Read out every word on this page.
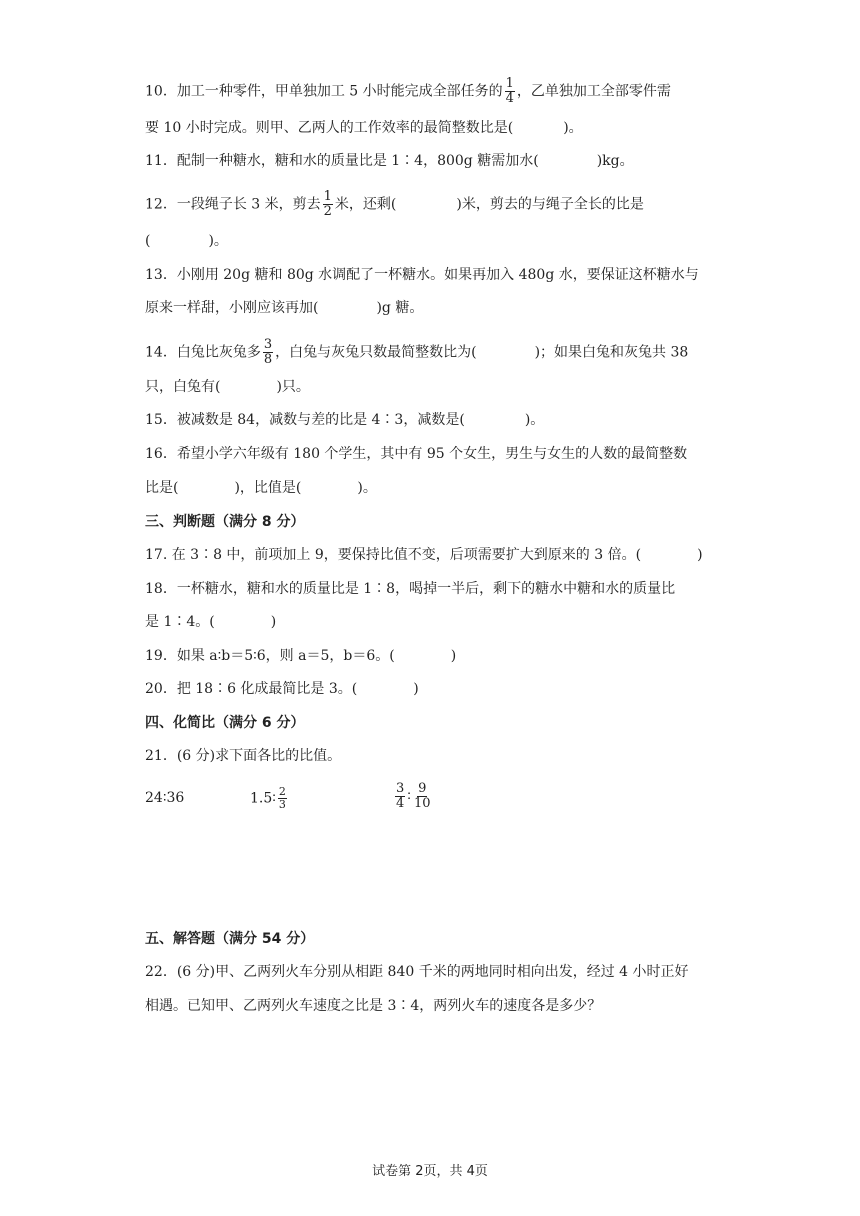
10．加工一种零件，甲单独加工 5 小时能完成全部任务的 $\frac{1}{4}$ ，乙单独加工全部零件需
要 10 小时完成。则甲、乙两人的工作效率的最简整数比是(	)。
11．配制一种糖水，糖和水的质量比是 1∶4，800g 糖需加水(	)kg。
12．一段绳子长 3 米，剪去 $\frac{1}{2}$ 米，还剩(	)米，剪去的与绳子全长的比是
(	)。
13．小刚用 20g 糖和 80g 水调配了一杯糖水。如果再加入 480g 水，要保证这杯糖水与
原来一样甜，小刚应该再加(	)g 糖。
14．白兔比灰兔多 $\frac{3}{8}$ ，白兔与灰兔只数最简整数比为(	)；如果白兔和灰兔共 38
只，白兔有(	)只。
15．被减数是 84，减数与差的比是 4∶3，减数是(	)。
16．希望小学六年级有 180 个学生，其中有 95 个女生，男生与女生的人数的最简整数
比是(	)，比值是(	)。
三、判断题（满分 8 分）
17. 在 3∶8 中，前项加上 9，要保持比值不变，后项需要扩大到原来的 3 倍。(	)
18．一杯糖水，糖和水的质量比是 1∶8，喝掉一半后，剩下的糖水中糖和水的质量比
是 1∶4。(	)
19．如果 a∶b＝5∶6，则 a＝5，b＝6。(	)
20．把 18∶6 化成最简比是 3。(	)
四、化简比（满分 6 分）
21．(6 分)求下面各比的比值。
24∶36	1.5∶ $\frac{2}{3}$	$\frac{3}{4}$ ∶ $\frac{9}{10}$
五、解答题（满分 54 分）
22．(6 分)甲、乙两列火车分别从相距 840 千米的两地同时相向出发，经过 4 小时正好
相遇。已知甲、乙两列火车速度之比是 3∶4，两列火车的速度各是多少？
试卷第 2页，共 4页
